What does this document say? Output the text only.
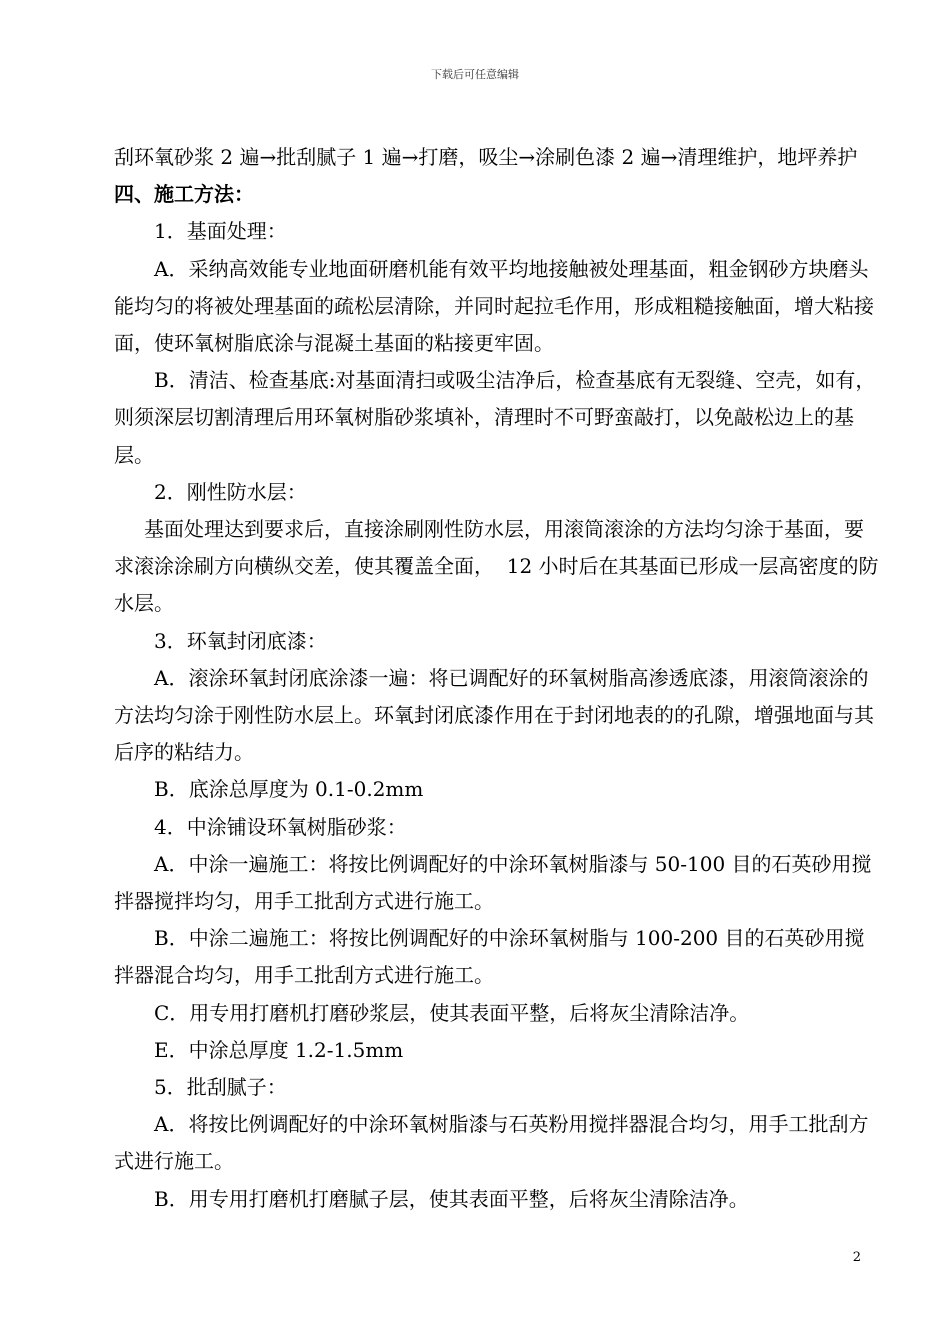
下载后可任意编辑

刮环氧砂浆 2 遍→批刮腻子 1 遍→打磨，吸尘→涂刷色漆 2 遍→清理维护，地坪养护

四、施工方法：

1．基面处理：

A．采纳高效能专业地面研磨机能有效平均地接触被处理基面，粗金钢砂方块磨头能均匀的将被处理基面的疏松层清除，并同时起拉毛作用，形成粗糙接触面，增大粘接面，使环氧树脂底涂与混凝土基面的粘接更牢固。

B．清洁、检查基底:对基面清扫或吸尘洁净后，检查基底有无裂缝、空壳，如有，则须深层切割清理后用环氧树脂砂浆填补，清理时不可野蛮敲打，以免敲松边上的基层。

2．刚性防水层：

基面处理达到要求后，直接涂刷刚性防水层，用滚筒滚涂的方法均匀涂于基面，要求滚涂涂刷方向横纵交差，使其覆盖全面，  12 小时后在其基面已形成一层高密度的防水层。

3．环氧封闭底漆：

A．滚涂环氧封闭底涂漆一遍：将已调配好的环氧树脂高渗透底漆，用滚筒滚涂的方法均匀涂于刚性防水层上。环氧封闭底漆作用在于封闭地表的的孔隙，增强地面与其后序的粘结力。

B．底涂总厚度为 0.1-0.2mm

4．中涂铺设环氧树脂砂浆：

A．中涂一遍施工：将按比例调配好的中涂环氧树脂漆与 50-100 目的石英砂用搅拌器搅拌均匀，用手工批刮方式进行施工。

B．中涂二遍施工：将按比例调配好的中涂环氧树脂与 100-200 目的石英砂用搅拌器混合均匀，用手工批刮方式进行施工。

C．用专用打磨机打磨砂浆层，使其表面平整，后将灰尘清除洁净。

E．中涂总厚度 1.2-1.5mm

5．批刮腻子：

A．将按比例调配好的中涂环氧树脂漆与石英粉用搅拌器混合均匀，用手工批刮方式进行施工。

B．用专用打磨机打磨腻子层，使其表面平整，后将灰尘清除洁净。

2
